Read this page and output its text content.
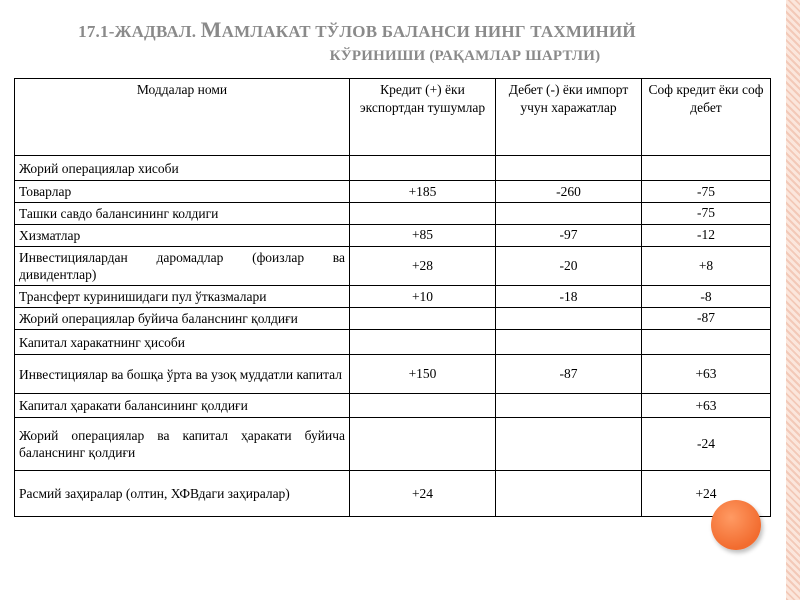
17.1-ЖАДВАЛ. МАМЛАКАТ ТЎЛОВ БАЛАНСИ НИНГ ТАХМИНИЙ
КЎРИНИШИ (РАҚАМЛАР ШАРТЛИ)
Моддалар номи	Кредит (+) ёки экспортдан тушумлар	Дебет (-) ёки импорт учун харажатлар	Соф кредит ёки соф дебет
Жорий операциялар хисоби			
Товарлар	+185	-260	-75
Ташки савдо балансининг колдиги			-75
Хизматлар	+85	-97	-12
Инвестициялардан даромадлар (фоизлар ва дивидентлар)	+28	-20	+8
Трансферт куринишидаги пул ўтказмалари	+10	-18	-8
Жорий операциялар буйича баланснинг қолдиғи			-87
Капитал харакатнинг ҳисоби			
Инвестициялар ва бошқа ўрта ва узоқ муддатли капитал	+150	-87	+63
Капитал ҳаракати балансининг қолдиғи			+63
Жорий операциялар ва капитал ҳаракати буйича баланснинг қолдиғи			-24
Расмий заҳиралар (олтин, ХФВдаги заҳиралар)	+24		+24
